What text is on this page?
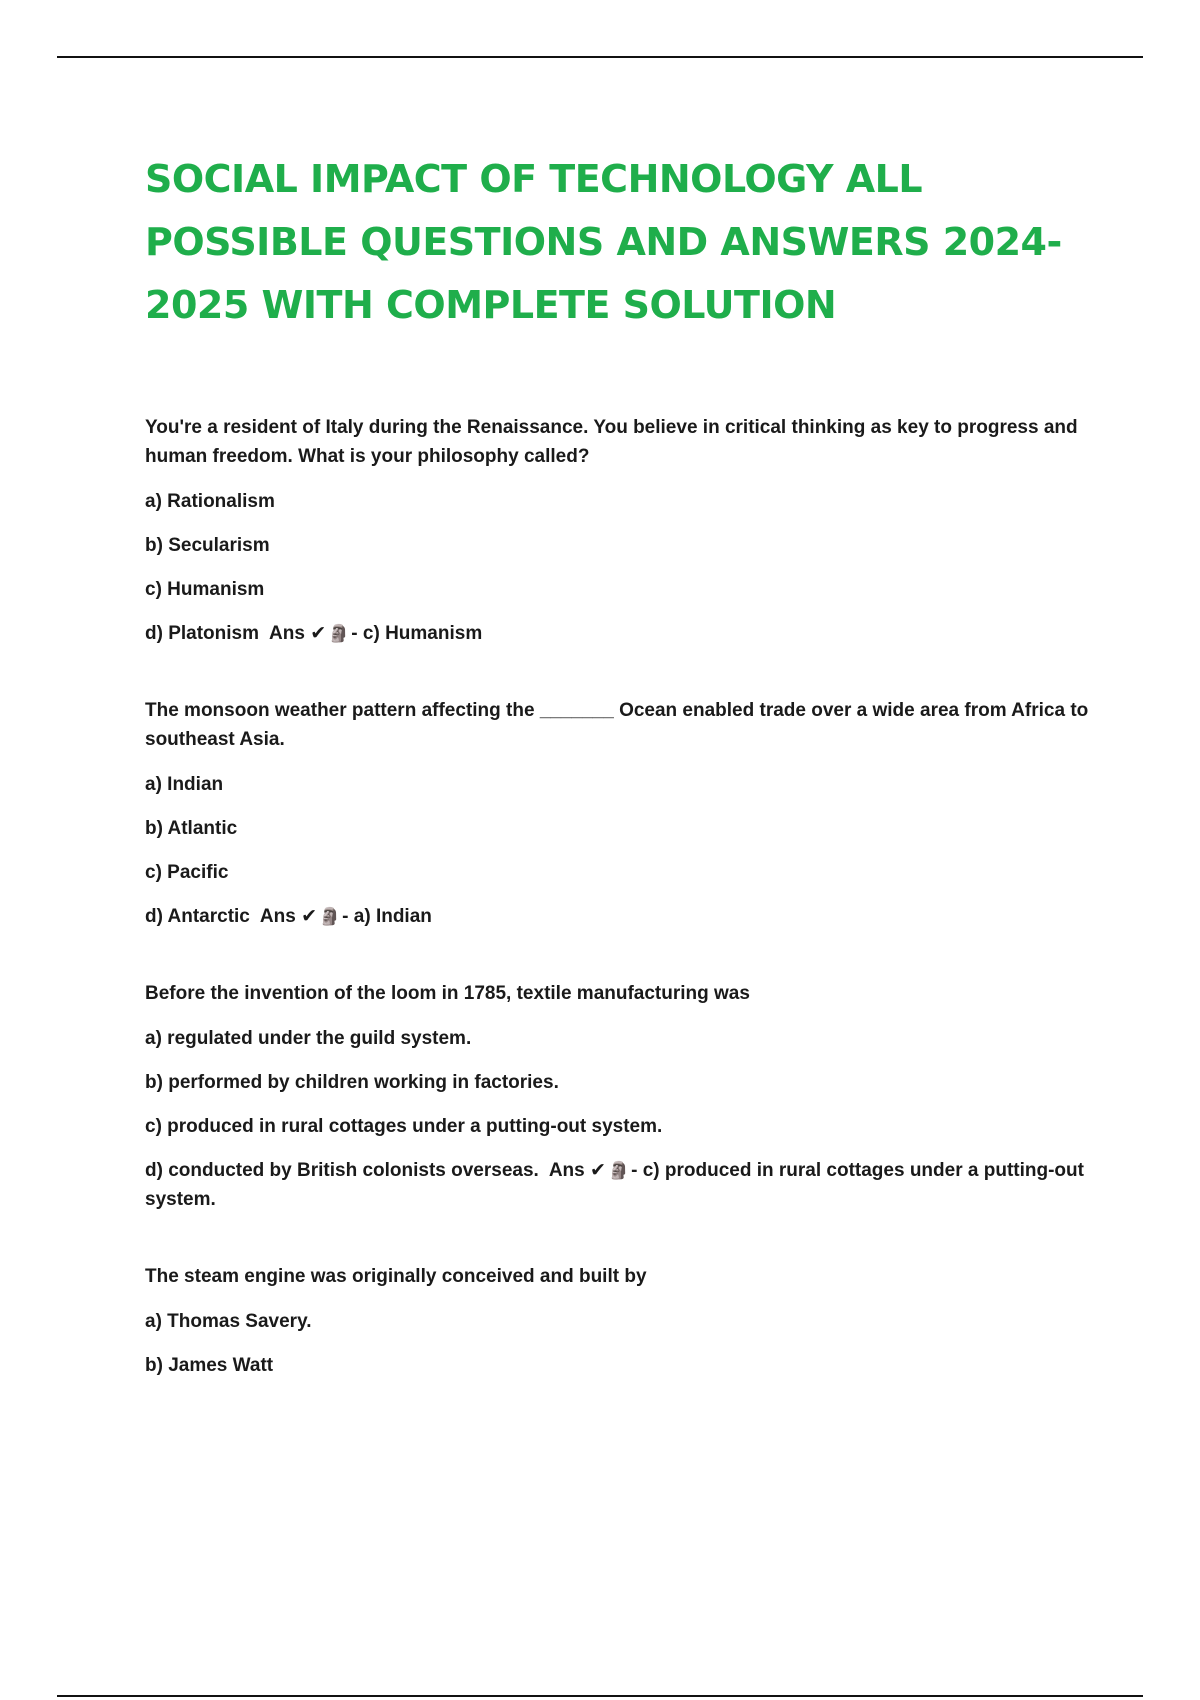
SOCIAL IMPACT OF TECHNOLOGY ALL POSSIBLE QUESTIONS AND ANSWERS 2024-2025 WITH COMPLETE SOLUTION

You're a resident of Italy during the Renaissance. You believe in critical thinking as key to progress and human freedom. What is your philosophy called?

a) Rationalism

b) Secularism

c) Humanism

d) Platonism Ans ✔ 🗿 - c) Humanism

The monsoon weather pattern affecting the _______ Ocean enabled trade over a wide area from Africa to southeast Asia.

a) Indian

b) Atlantic

c) Pacific

d) Antarctic Ans ✔ 🗿 - a) Indian

Before the invention of the loom in 1785, textile manufacturing was

a) regulated under the guild system.

b) performed by children working in factories.

c) produced in rural cottages under a putting-out system.

d) conducted by British colonists overseas. Ans ✔ 🗿 - c) produced in rural cottages under a putting-out system.

The steam engine was originally conceived and built by

a) Thomas Savery.

b) James Watt
